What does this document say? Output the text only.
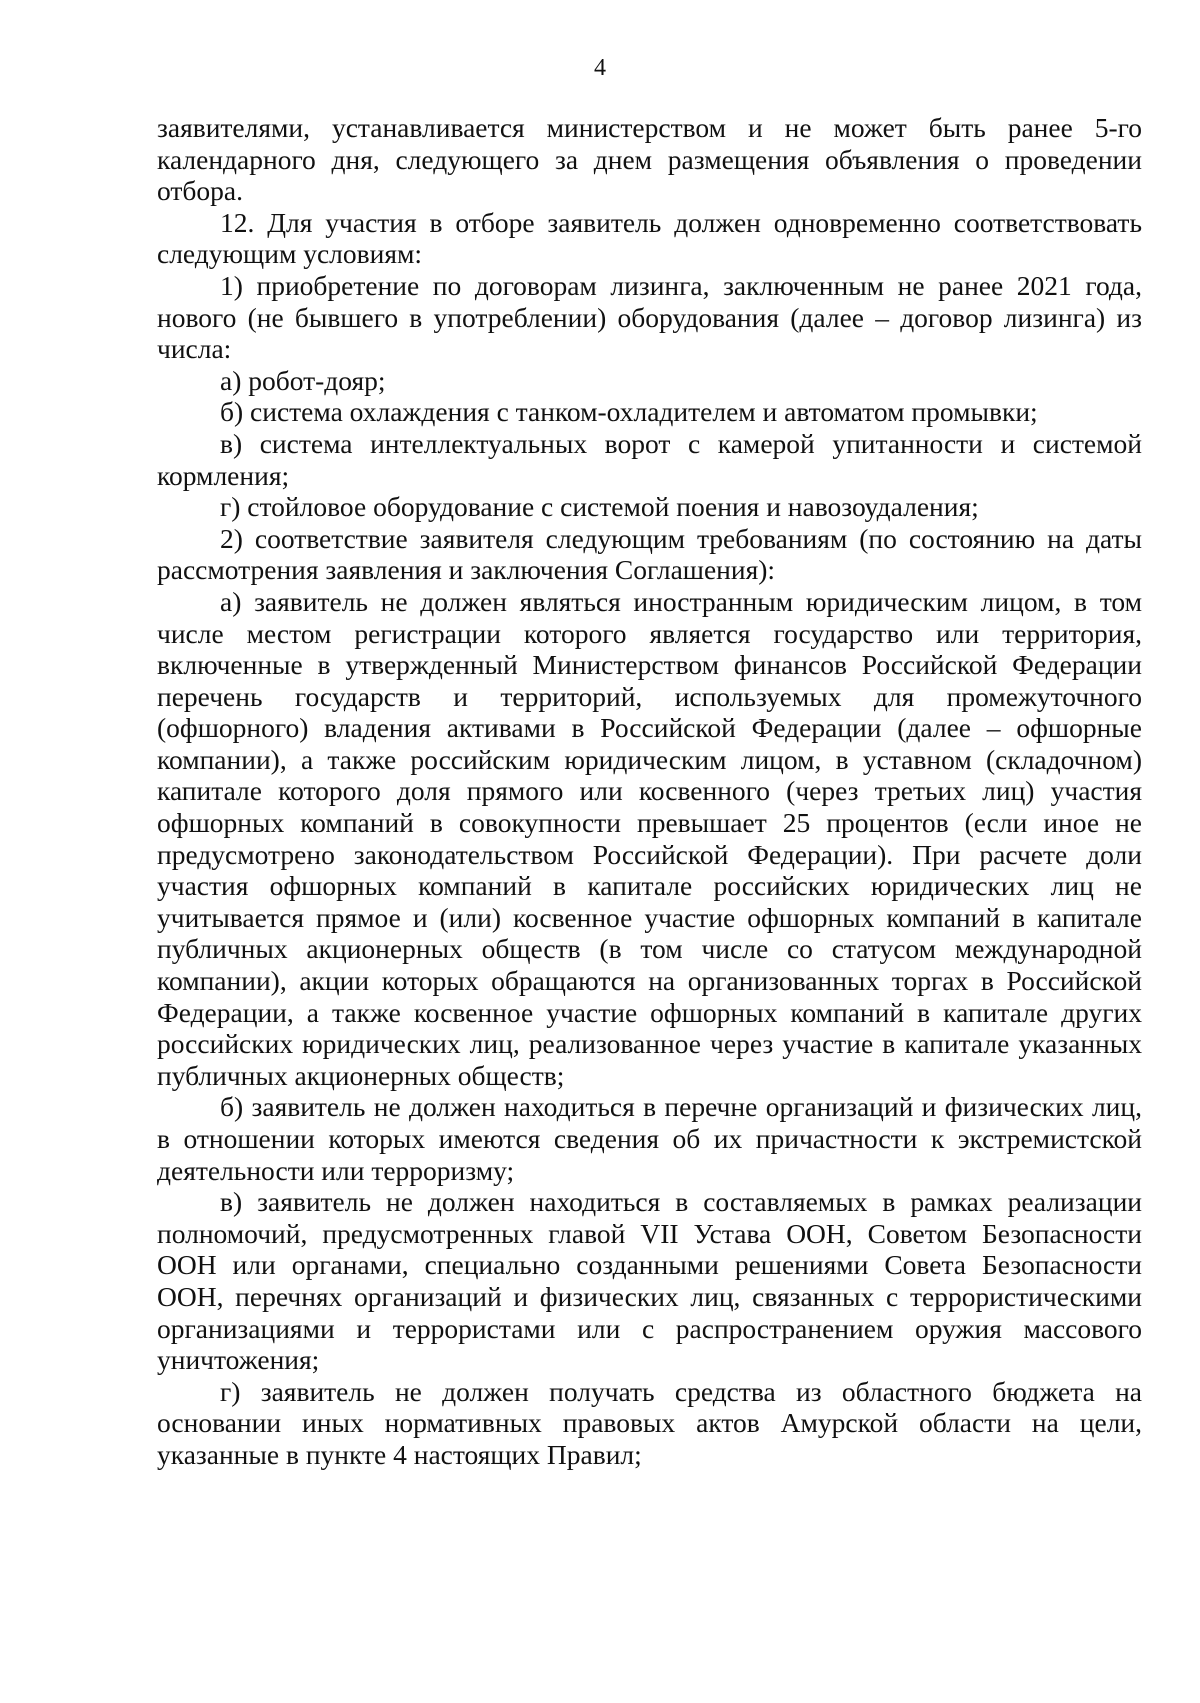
4

заявителями, устанавливается министерством и не может быть ранее 5-го календарного дня, следующего за днем размещения объявления о проведении отбора.

12. Для участия в отборе заявитель должен одновременно соответствовать следующим условиям:

1) приобретение по договорам лизинга, заключенным не ранее 2021 года, нового (не бывшего в употреблении) оборудования (далее – договор лизинга) из числа:

а) робот-дояр;

б) система охлаждения с танком-охладителем и автоматом промывки;

в) система интеллектуальных ворот с камерой упитанности и системой кормления;

г) стойловое оборудование с системой поения и навозоудаления;

2) соответствие заявителя следующим требованиям (по состоянию на даты рассмотрения заявления и заключения Соглашения):

а) заявитель не должен являться иностранным юридическим лицом, в том числе местом регистрации которого является государство или территория, включенные в утвержденный Министерством финансов Российской Федерации перечень государств и территорий, используемых для промежуточного (офшорного) владения активами в Российской Федерации (далее – офшорные компании), а также российским юридическим лицом, в уставном (складочном) капитале которого доля прямого или косвенного (через третьих лиц) участия офшорных компаний в совокупности превышает 25 процентов (если иное не предусмотрено законодательством Российской Федерации). При расчете доли участия офшорных компаний в капитале российских юридических лиц не учитывается прямое и (или) косвенное участие офшорных компаний в капитале публичных акционерных обществ (в том числе со статусом международной компании), акции которых обращаются на организованных торгах в Российской Федерации, а также косвенное участие офшорных компаний в капитале других российских юридических лиц, реализованное через участие в капитале указанных публичных акционерных обществ;

б) заявитель не должен находиться в перечне организаций и физических лиц, в отношении которых имеются сведения об их причастности к экстремистской деятельности или терроризму;

в) заявитель не должен находиться в составляемых в рамках реализации полномочий, предусмотренных главой VII Устава ООН, Советом Безопасности ООН или органами, специально созданными решениями Совета Безопасности ООН, перечнях организаций и физических лиц, связанных с террористическими организациями и террористами или с распространением оружия массового уничтожения;

г) заявитель не должен получать средства из областного бюджета на основании иных нормативных правовых актов Амурской области на цели, указанные в пункте 4 настоящих Правил;
